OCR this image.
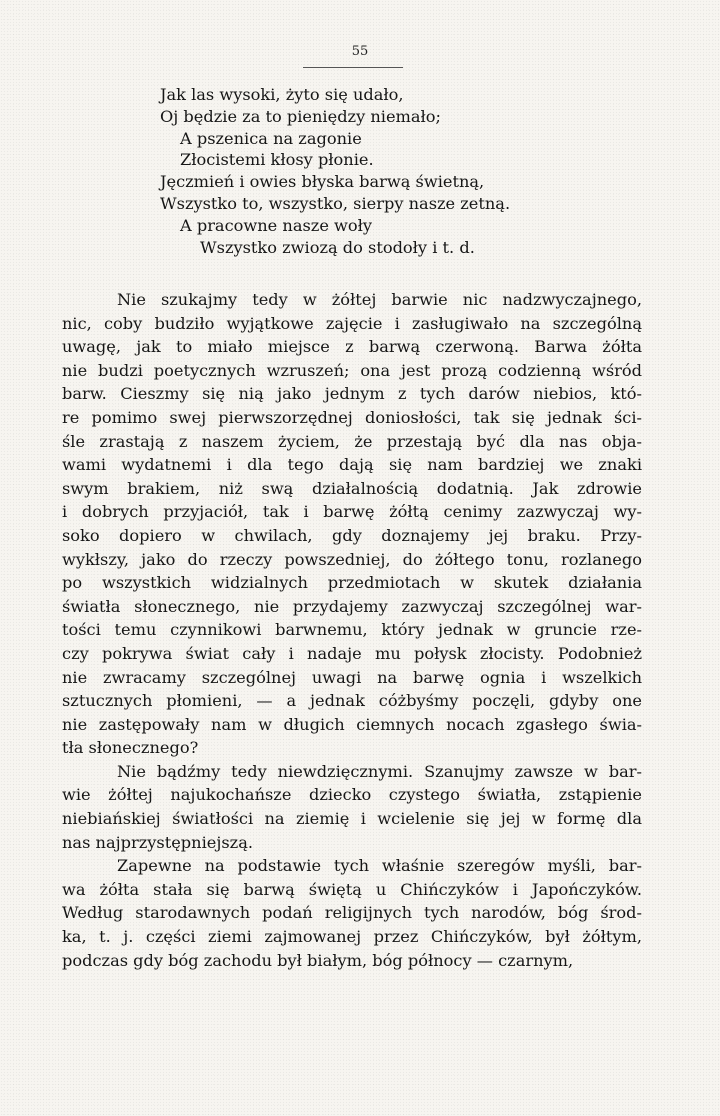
55
Jak las wysoki, żyto się udało,
Oj będzie za to pieniędzy niemało;
A pszenica na zagonie
Złocistemi kłosy płonie.
Jęczmień i owies błyska barwą świetną,
Wszystko to, wszystko, sierpy nasze zetną.
A pracowne nasze woły
Wszystko zwiozą do stodoły i t. d.
Nie szukajmy tedy w żółtej barwie nic nadzwyczajnego,
nic, coby budziło wyjątkowe zajęcie i zasługiwało na szczególną
uwagę, jak to miało miejsce z barwą czerwoną. Barwa żółta
nie budzi poetycznych wzruszeń; ona jest prozą codzienną wśród
barw. Cieszmy się nią jako jednym z tych darów niebios, któ-
re pomimo swej pierwszorzędnej doniosłości, tak się jednak ści-
śle zrastają z naszem życiem, że przestają być dla nas obja-
wami wydatnemi i dla tego dają się nam bardziej we znaki
swym brakiem, niż swą działalnością dodatnią. Jak zdrowie
i dobrych przyjaciół, tak i barwę żółtą cenimy zazwyczaj wy-
soko dopiero w chwilach, gdy doznajemy jej braku. Przy-
wykłszy, jako do rzeczy powszedniej, do żółtego tonu, rozlanego
po wszystkich widzialnych przedmiotach w skutek działania
światła słonecznego, nie przydajemy zazwyczaj szczególnej war-
tości temu czynnikowi barwnemu, który jednak w gruncie rze-
czy pokrywa świat cały i nadaje mu połysk złocisty. Podobnież
nie zwracamy szczególnej uwagi na barwę ognia i wszelkich
sztucznych płomieni, — a jednak cóżbyśmy poczęli, gdyby one
nie zastępowały nam w długich ciemnych nocach zgasłego świa-
tła słonecznego?
Nie bądźmy tedy niewdzięcznymi. Szanujmy zawsze w bar-
wie żółtej najukochańsze dziecko czystego światła, zstąpienie
niebiańskiej światłości na ziemię i wcielenie się jej w formę dla
nas najprzystępniejszą.
Zapewne na podstawie tych właśnie szeregów myśli, bar-
wa żółta stała się barwą świętą u Chińczyków i Japończyków.
Według starodawnych podań religijnych tych narodów, bóg środ-
ka, t. j. części ziemi zajmowanej przez Chińczyków, był żółtym,
podczas gdy bóg zachodu był białym, bóg północy — czarnym,
